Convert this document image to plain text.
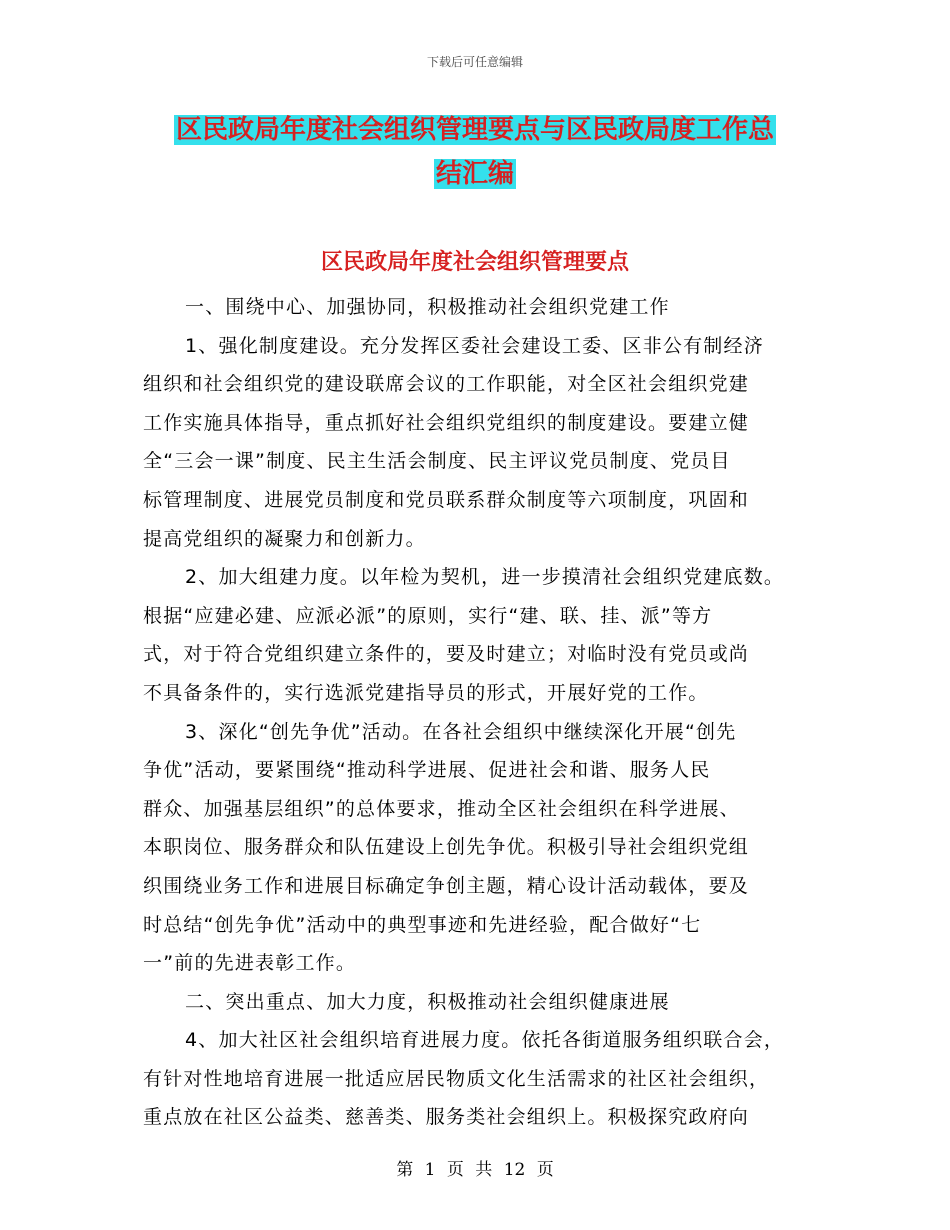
下载后可任意编辑
区民政局年度社会组织管理要点与区民政局度工作总
结汇编
区民政局年度社会组织管理要点
一、围绕中心、加强协同，积极推动社会组织党建工作
1、强化制度建设。充分发挥区委社会建设工委、区非公有制经济
组织和社会组织党的建设联席会议的工作职能，对全区社会组织党建
工作实施具体指导，重点抓好社会组织党组织的制度建设。要建立健
全“三会一课”制度、民主生活会制度、民主评议党员制度、党员目
标管理制度、进展党员制度和党员联系群众制度等六项制度，巩固和
提高党组织的凝聚力和创新力。
2、加大组建力度。以年检为契机，进一步摸清社会组织党建底数。
根据“应建必建、应派必派”的原则，实行“建、联、挂、派”等方
式，对于符合党组织建立条件的，要及时建立；对临时没有党员或尚
不具备条件的，实行选派党建指导员的形式，开展好党的工作。
3、深化“创先争优”活动。在各社会组织中继续深化开展“创先
争优”活动，要紧围绕“推动科学进展、促进社会和谐、服务人民
群众、加强基层组织”的总体要求，推动全区社会组织在科学进展、
本职岗位、服务群众和队伍建设上创先争优。积极引导社会组织党组
织围绕业务工作和进展目标确定争创主题，精心设计活动载体，要及
时总结“创先争优”活动中的典型事迹和先进经验，配合做好“七
一”前的先进表彰工作。
二、突出重点、加大力度，积极推动社会组织健康进展
4、加大社区社会组织培育进展力度。依托各街道服务组织联合会，
有针对性地培育进展一批适应居民物质文化生活需求的社区社会组织，
重点放在社区公益类、慈善类、服务类社会组织上。积极探究政府向
第 1 页 共 12 页
